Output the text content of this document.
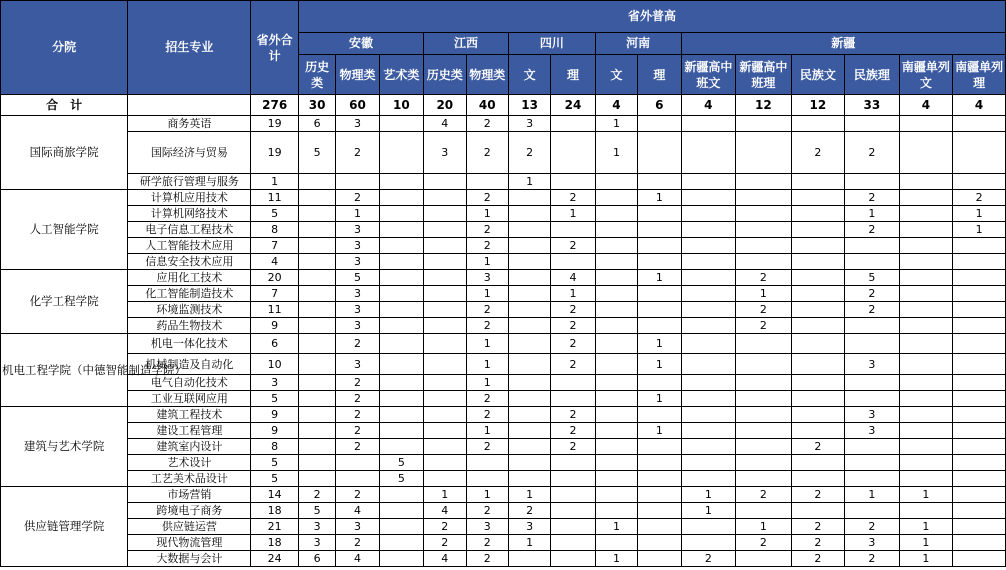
分院	招生专业	省外合计	省外普高														
			安徽			江西		四川		河南		新疆					
			历史类	物理类	艺术类	历史类	物理类	文	理	文	理	新疆高中班文	新疆高中班理	民族文	民族理	南疆单列文	南疆单列理
合　计		276	30	60	10	20	40	13	24	4	6	4	12	12	33	4	4
国际商旅学院	商务英语	19	6	3		4	2	3		1							
	国际经济与贸易	19	5	2		3	2	2		1				2	2		
	研学旅行管理与服务	1						1									
人工智能学院	计算机应用技术	11		2			2		2		1				2		2
	计算机网络技术	5		1			1		1						1		1
	电子信息工程技术	8		3			2								2		1
	人工智能技术应用	7		3			2		2								
	信息安全技术应用	4		3			1										
化学工程学院	应用化工技术	20		5			3		4		1		2		5		
	化工智能制造技术	7		3			1		1				1		2		
	环境监测技术	11		3			2		2				2		2		
	药品生物技术	9		3			2		2				2				
机电工程学院（中德智能制造学院）	机电一体化技术	6		2			1		2		1						
	机械制造及自动化	10		3			1		2		1				3		
	电气自动化技术	3		2			1										
	工业互联网应用	5		2			2				1						
建筑与艺术学院	建筑工程技术	9		2			2		2						3		
	建设工程管理	9		2			1		2		1				3		
	建筑室内设计	8		2			2		2					2			
	艺术设计	5			5												
	工艺美术品设计	5			5												
供应链管理学院	市场营销	14	2	2		1	1	1				1	2	2	1	1	
	跨境电子商务	18	5	4		4	2	2				1					
	供应链运营	21	3	3		2	3	3		1			1	2	2	1	
	现代物流管理	18	3	2		2	2	1					2	2	3	1	
	大数据与会计	24	6	4		4	2			1		2		2	2	1	
